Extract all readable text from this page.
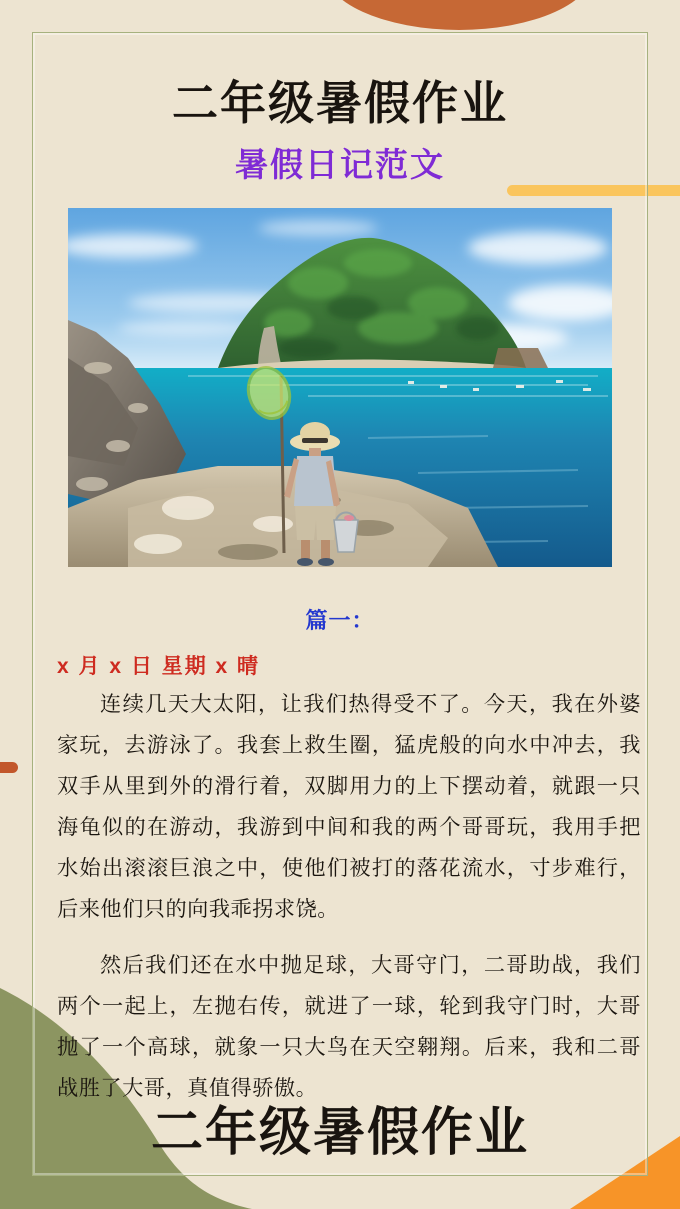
二年级暑假作业
暑假日记范文
篇一：
x 月 x 日 星期 x 晴

连续几天大太阳，让我们热得受不了。今天，我在外婆家玩，去游泳了。我套上救生圈，猛虎般的向水中冲去，我双手从里到外的滑行着，双脚用力的上下摆动着，就跟一只海龟似的在游动，我游到中间和我的两个哥哥玩，我用手把水始出滚滚巨浪之中，使他们被打的落花流水，寸步难行，后来他们只的向我乖拐求饶。

然后我们还在水中抛足球，大哥守门，二哥助战，我们两个一起上，左抛右传，就进了一球，轮到我守门时，大哥抛了一个高球，就象一只大鸟在天空翱翔。后来，我和二哥战胜了大哥，真值得骄傲。

二年级暑假作业
